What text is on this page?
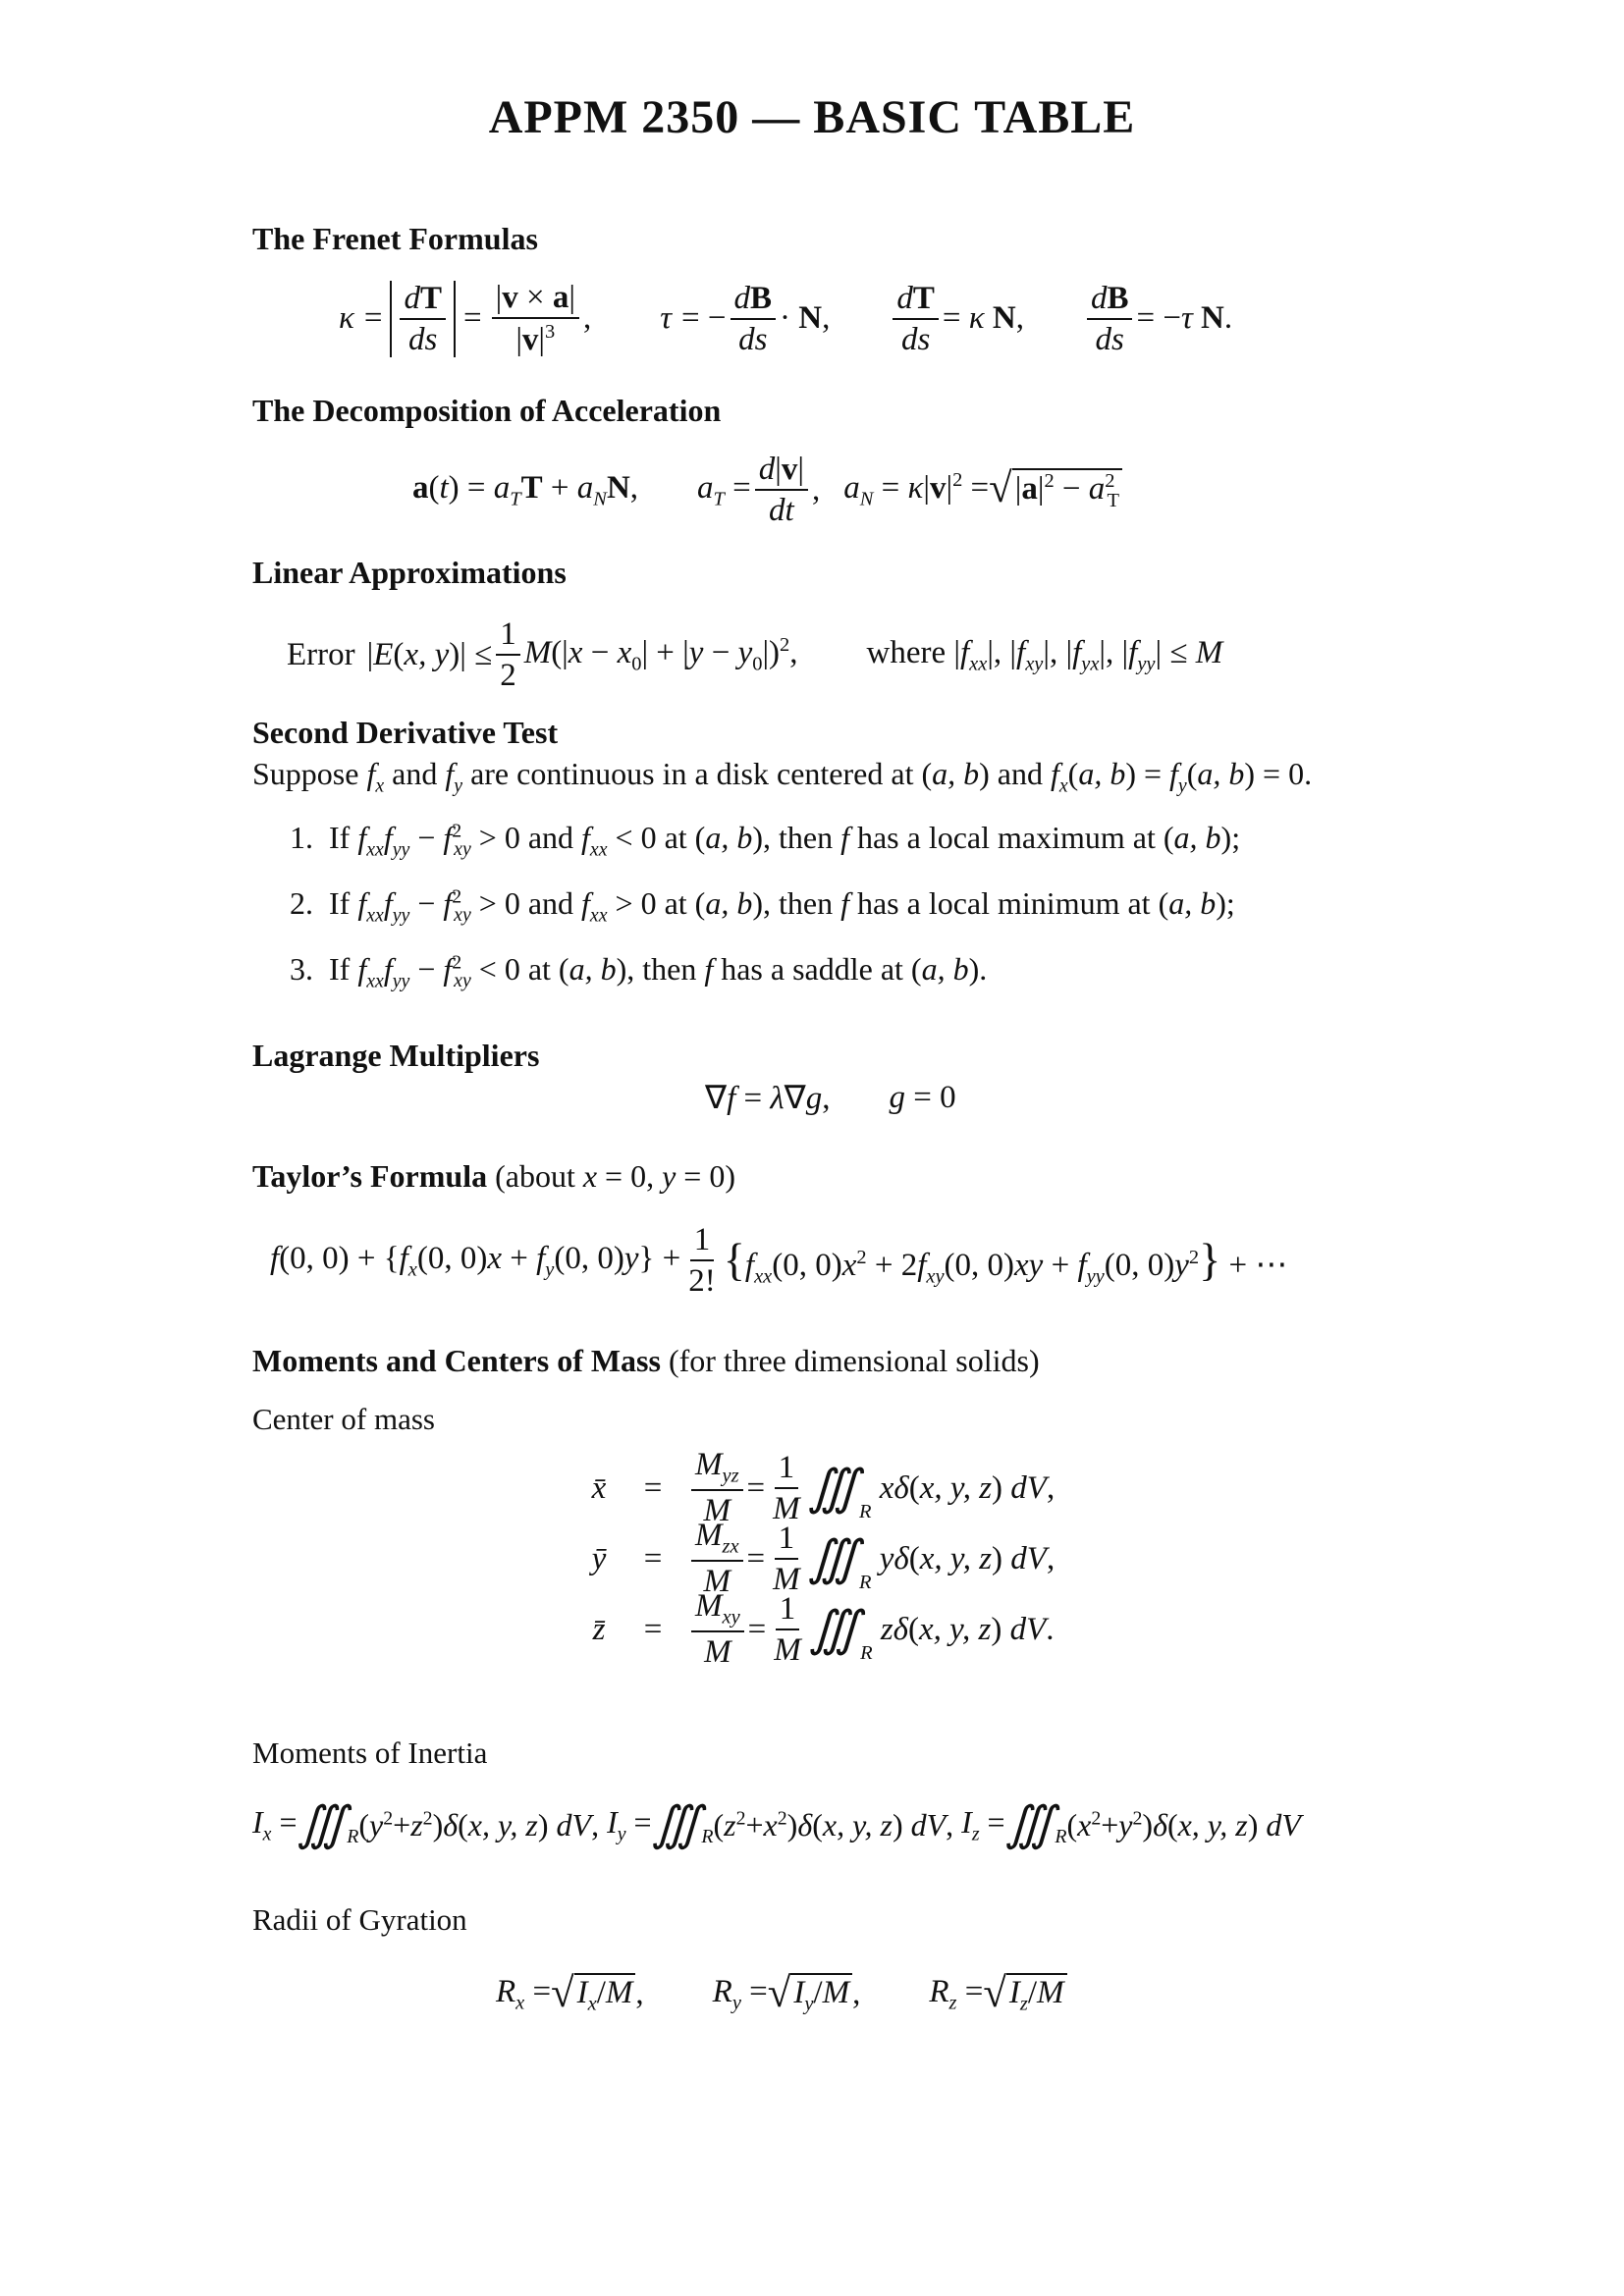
APPM 2350 — BASIC TABLE
The Frenet Formulas
$\kappa = \frac{dT}{ds} = \frac{|v \times a|}{|v|^3}$ , τ = − $\frac{dB}{ds} \cdot N$, $\frac{dT}{ds} = \kappa$ N, $\frac{dB}{ds} = -\tau$ N.
The Decomposition of Acceleration
$a(t) = a_TT + a_NN$, $a_T = \frac{d|v|}{dt}$ , $a_N = \kappa|v|^2$ = √ $|a|^2 - a^2_T$
Linear Approximations
Error |E(x, $y)| \le \frac{1}{2} M(|x - x_0| + |y - y_0|)^2$, where $|f_{xx}|$, $|f_{xy}|$, $|f_{yx}|$, $|f_{yy}| \le M$
Second Derivative Test
Suppose $f_x$ and $f_y$ are continuous in a disk centered at (a, b) and $f_x(a$, $b) = f_y(a$, b) = 0.
1.  If $f_{xx}f_{yy} - f^2_{xy} > 0$ and $f_{xx} < 0$ at (a, b), then f has a local maximum at (a, b);
2.  If $f_{xx}f_{yy} - f^2_{xy} > 0$ and $f_{xx} > 0$ at (a, b), then f has a local minimum at (a, b);
3.  If $f_{xx}f_{yy} - f^2_{xy} < 0$ at (a, b), then f has a saddle at (a, b).
Lagrange Multipliers
∇f = λ∇g, g = 0
Taylor’s Formula (about x = 0, y = 0)
f(0, $0) + \{f_x(0$, $0)x + f_y(0$, $0)y\} + \frac{1}{2!} \{f_{xx}(0$, $0)x^2 + 2f_{xy}(0$, $0)xy + f_{yy}(0$, $0)y^2$} + ⋯
Moments and Centers of Mass (for three dimensional solids)
Center of mass
x̄	= $\frac{M_{yz}}{M} = \frac{1}{M}$ ∭ $_R$
xδ(x, y, z) dV,
ȳ	= $\frac{M_{zx}}{M} = \frac{1}{M}$ ∭ $_R$
yδ(x, y, z) dV,
z̄	= $\frac{M_{xy}}{M} = \frac{1}{M}$ ∭ $_R$
zδ(x, y, z) dV.
Moments of Inertia
$I_x$ = ∭ $_R$ $(y^2+z^2)\delta(x$, y, z) dV, $I_y$ = ∭ $_R$ $(z^2+x^2)\delta(x$, y, z) dV, $I_z$ = ∭ $_R$ $(x^2+y^2)\delta(x$, y, z) dV
Radii of Gyration
$R_x$ = √ $I_x/M$ , $R_y$ = √ $I_y/M$ , $R_z$ = √ $I_z/M$
